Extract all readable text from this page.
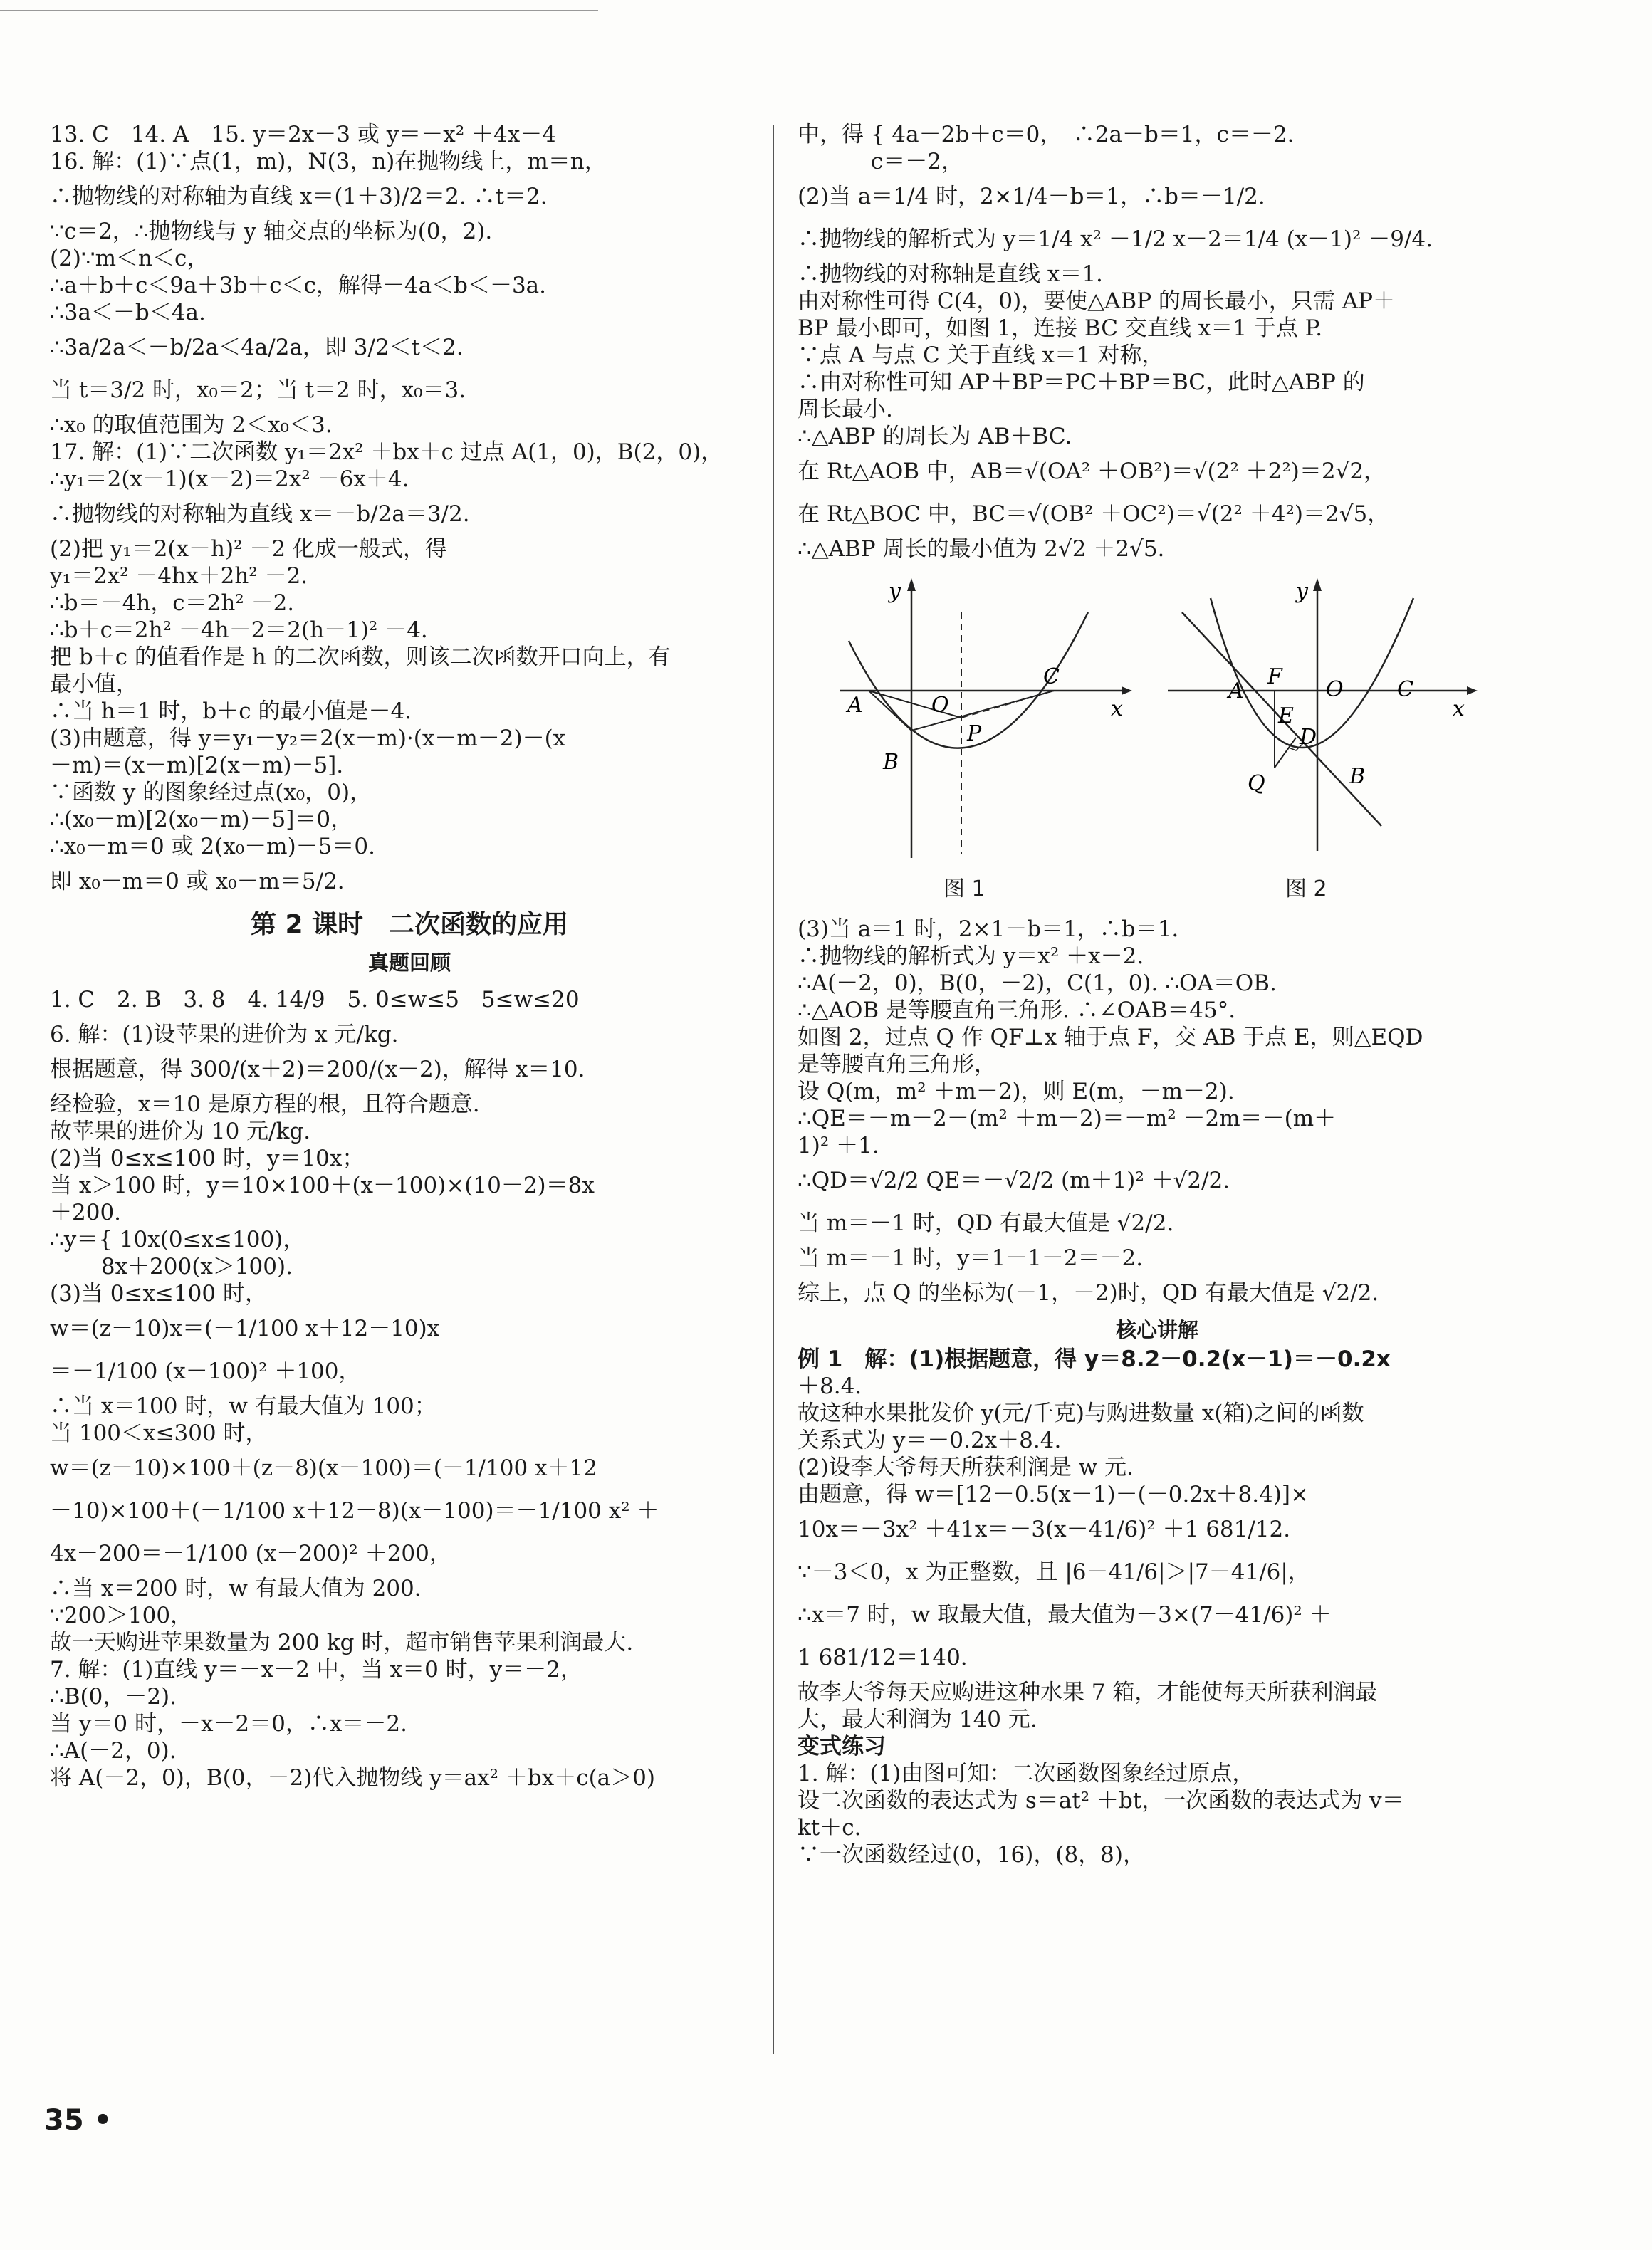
13. C　14. A　15. y＝2x－3 或 y＝－x² ＋4x－4
16. 解：(1)∵点(1，m)，N(3，n)在抛物线上，m＝n，
∴抛物线的对称轴为直线 x＝(1＋3)/2＝2. ∴t＝2.
∵c＝2，∴抛物线与 y 轴交点的坐标为(0，2).
(2)∵m＜n＜c，
∴a＋b＋c＜9a＋3b＋c＜c，解得－4a＜b＜－3a.
∴3a＜－b＜4a.
∴3a/2a＜－b/2a＜4a/2a，即 3/2＜t＜2.
当 t＝3/2 时，x₀＝2；当 t＝2 时，x₀＝3.
∴x₀ 的取值范围为 2＜x₀＜3.
17. 解：(1)∵二次函数 y₁＝2x² ＋bx＋c 过点 A(1，0)，B(2，0)，
∴y₁＝2(x－1)(x－2)＝2x² －6x＋4.
∴抛物线的对称轴为直线 x＝－b/2a＝3/2.
(2)把 y₁＝2(x－h)² －2 化成一般式，得
y₁＝2x² －4hx＋2h² －2.
∴b＝－4h，c＝2h² －2.
∴b＋c＝2h² －4h－2＝2(h－1)² －4.
把 b＋c 的值看作是 h 的二次函数，则该二次函数开口向上，有
最小值，
∴当 h＝1 时，b＋c 的最小值是－4.
(3)由题意，得 y＝y₁－y₂＝2(x－m)·(x－m－2)－(x
－m)＝(x－m)[2(x－m)－5].
∵函数 y 的图象经过点(x₀，0)，
∴(x₀－m)[2(x₀－m)－5]＝0，
∴x₀－m＝0 或 2(x₀－m)－5＝0.
即 x₀－m＝0 或 x₀－m＝5/2.
第 2 课时　二次函数的应用
真题回顾
1. C　2. B　3. 8　4. 14/9　5. 0≤w≤5　5≤w≤20
6. 解：(1)设苹果的进价为 x 元/kg.
根据题意，得 300/(x＋2)＝200/(x－2)，解得 x＝10.
经检验，x＝10 是原方程的根，且符合题意.
故苹果的进价为 10 元/kg.
(2)当 0≤x≤100 时，y＝10x；
当 x＞100 时，y＝10×100＋(x－100)×(10－2)＝8x
＋200.
∴y＝{ 10x(0≤x≤100)，
　　 8x＋200(x＞100).
(3)当 0≤x≤100 时，
w＝(z－10)x＝(－1/100 x＋12－10)x
＝－1/100 (x－100)² ＋100，
∴当 x＝100 时，w 有最大值为 100；
当 100＜x≤300 时，
w＝(z－10)×100＋(z－8)(x－100)＝(－1/100 x＋12
－10)×100＋(－1/100 x＋12－8)(x－100)＝－1/100 x² ＋
4x－200＝－1/100 (x－200)² ＋200，
∴当 x＝200 时，w 有最大值为 200.
∵200＞100，
故一天购进苹果数量为 200 kg 时，超市销售苹果利润最大.
7. 解：(1)直线 y＝－x－2 中，当 x＝0 时，y＝－2，
∴B(0，－2).
当 y＝0 时，－x－2＝0，∴x＝－2.
∴A(－2，0).
将 A(－2，0)，B(0，－2)代入抛物线 y＝ax² ＋bx＋c(a＞0)
中，得 { 4a－2b＋c＝0，　∴2a－b＝1，c＝－2.
　　　 c＝－2，
(2)当 a＝1/4 时，2×1/4－b＝1，∴b＝－1/2.
∴抛物线的解析式为 y＝1/4 x² －1/2 x－2＝1/4 (x－1)² －9/4.
∴抛物线的对称轴是直线 x＝1.
由对称性可得 C(4，0)，要使△ABP 的周长最小，只需 AP＋
BP 最小即可，如图 1，连接 BC 交直线 x＝1 于点 P.
∵点 A 与点 C 关于直线 x＝1 对称，
∴由对称性可知 AP＋BP＝PC＋BP＝BC，此时△ABP 的
周长最小.
∴△ABP 的周长为 AB＋BC.
在 Rt△AOB 中，AB＝√(OA² ＋OB²)＝√(2² ＋2²)＝2√2，
在 Rt△BOC 中，BC＝√(OB² ＋OC²)＝√(2² ＋4²)＝2√5，
∴△ABP 周长的最小值为 2√2 ＋2√5.
y
x
A	O
C
P
B
y
x
A
F
O	C
E
D
Q	B
图 1	图 2
(3)当 a＝1 时，2×1－b＝1，∴b＝1.
∴抛物线的解析式为 y＝x² ＋x－2.
∴A(－2，0)，B(0，－2)，C(1，0). ∴OA＝OB.
∴△AOB 是等腰直角三角形. ∴∠OAB＝45°.
如图 2，过点 Q 作 QF⊥x 轴于点 F，交 AB 于点 E，则△EQD
是等腰直角三角形，
设 Q(m，m² ＋m－2)，则 E(m，－m－2).
∴QE＝－m－2－(m² ＋m－2)＝－m² －2m＝－(m＋
1)² ＋1.
∴QD＝√2/2 QE＝－√2/2 (m＋1)² ＋√2/2.
当 m＝－1 时，QD 有最大值是 √2/2.
当 m＝－1 时，y＝1－1－2＝－2.
综上，点 Q 的坐标为(－1，－2)时，QD 有最大值是 √2/2.
核心讲解
例 1　解：(1)根据题意，得 y＝8.2－0.2(x－1)＝－0.2x
＋8.4.
故这种水果批发价 y(元/千克)与购进数量 x(箱)之间的函数
关系式为 y＝－0.2x＋8.4.
(2)设李大爷每天所获利润是 w 元.
由题意，得 w＝[12－0.5(x－1)－(－0.2x＋8.4)]×
10x＝－3x² ＋41x＝－3(x－41/6)² ＋1 681/12.
∵－3＜0，x 为正整数，且 |6－41/6|＞|7－41/6|，
∴x＝7 时，w 取最大值，最大值为－3×(7－41/6)² ＋
1 681/12＝140.
故李大爷每天应购进这种水果 7 箱，才能使每天所获利润最
大，最大利润为 140 元.
变式练习
1. 解：(1)由图可知：二次函数图象经过原点，
设二次函数的表达式为 s＝at² ＋bt，一次函数的表达式为 v＝
kt＋c.
∵一次函数经过(0，16)，(8，8)，
35 •
